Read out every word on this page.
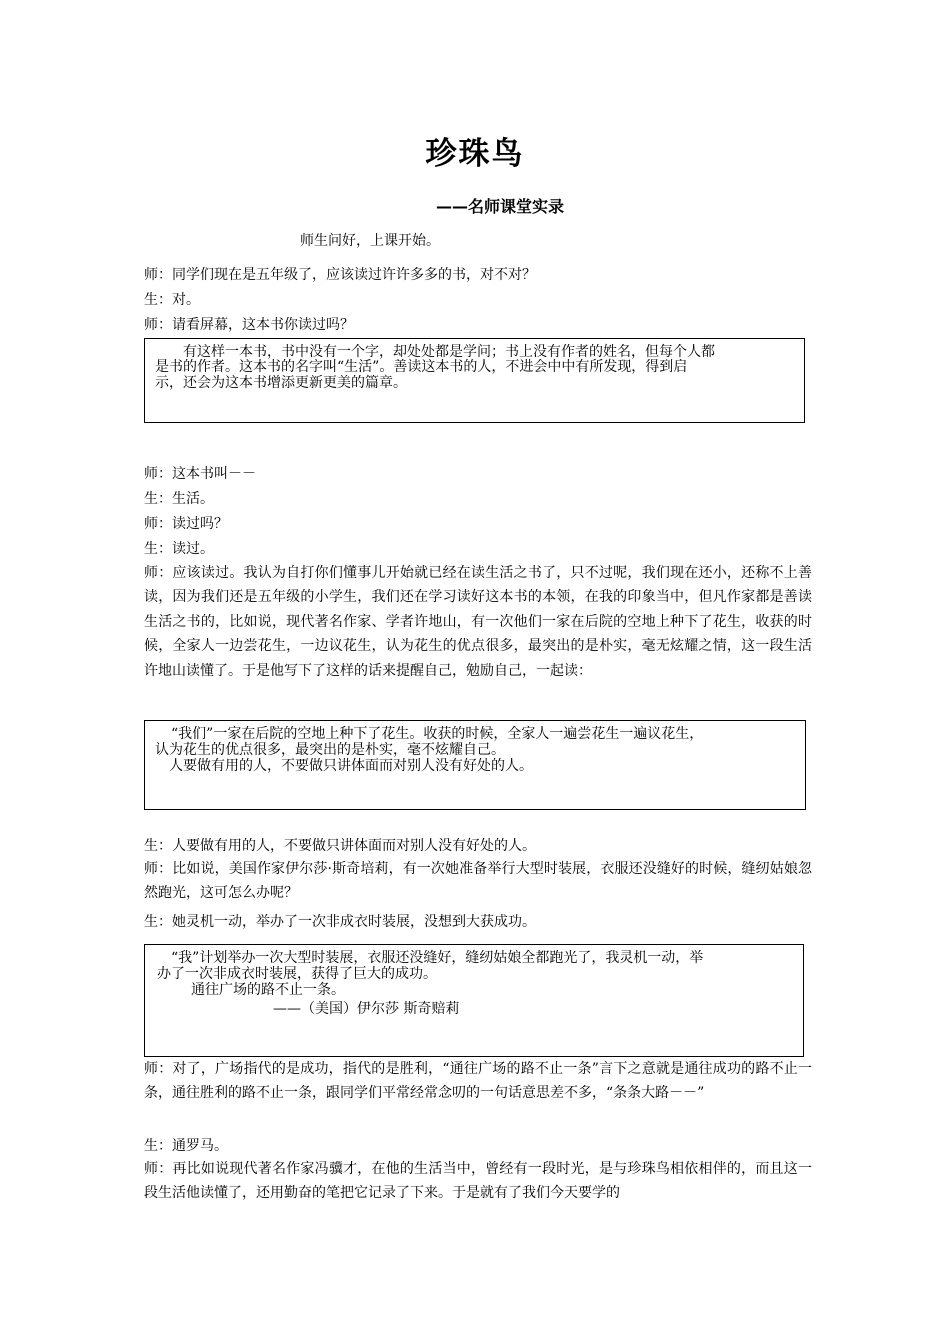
珍珠鸟
——名师课堂实录
师生问好，上课开始。
师：同学们现在是五年级了，应该读过许许多多的书，对不对？
生：对。
师：请看屏幕，这本书你读过吗？
有这样一本书，书中没有一个字，却处处都是学问；书上没有作者的姓名，但每个人都
是书的作者。这本书的名字叫“生活”。善读这本书的人，不进会中中有所发现，得到启
示，还会为这本书增添更新更美的篇章。
师：这本书叫－－
生：生活。
师：读过吗？
生：读过。
师：应该读过。我认为自打你们懂事儿开始就已经在读生活之书了，只不过呢，我们现在还小，还称不上善读，因为我们还是五年级的小学生，我们还在学习读好这本书的本领，在我的印象当中，但凡作家都是善读生活之书的，比如说，现代著名作家、学者许地山，有一次他们一家在后院的空地上种下了花生，收获的时候，全家人一边尝花生，一边议花生，认为花生的优点很多，最突出的是朴实，毫无炫耀之情，这一段生活许地山读懂了。于是他写下了这样的话来提醒自己，勉励自己，一起读：
“我们”一家在后院的空地上种下了花生。收获的时候，全家人一遍尝花生一遍议花生，
认为花生的优点很多，最突出的是朴实，毫不炫耀自己。
人要做有用的人，不要做只讲体面而对别人没有好处的人。
生：人要做有用的人，不要做只讲体面而对别人没有好处的人。
师：比如说，美国作家伊尔莎·斯奇培莉，有一次她准备举行大型时装展，衣服还没缝好的时候，缝纫姑娘忽然跑光，这可怎么办呢？
生：她灵机一动，举办了一次非成衣时装展，没想到大获成功。
“我”计划举办一次大型时装展，衣服还没缝好，缝纫姑娘全都跑光了，我灵机一动，举
办了一次非成衣时装展，获得了巨大的成功。
通往广场的路不止一条。
——（美国）伊尔莎 斯奇赔莉
师：对了，广场指代的是成功，指代的是胜利，“通往广场的路不止一条”言下之意就是通往成功的路不止一条，通往胜利的路不止一条，跟同学们平常经常念叨的一句话意思差不多，“条条大路－－”
生：通罗马。
师：再比如说现代著名作家冯骥才，在他的生活当中，曾经有一段时光，是与珍珠鸟相依相伴的，而且这一段生活他读懂了，还用勤奋的笔把它记录了下来。于是就有了我们今天要学的
